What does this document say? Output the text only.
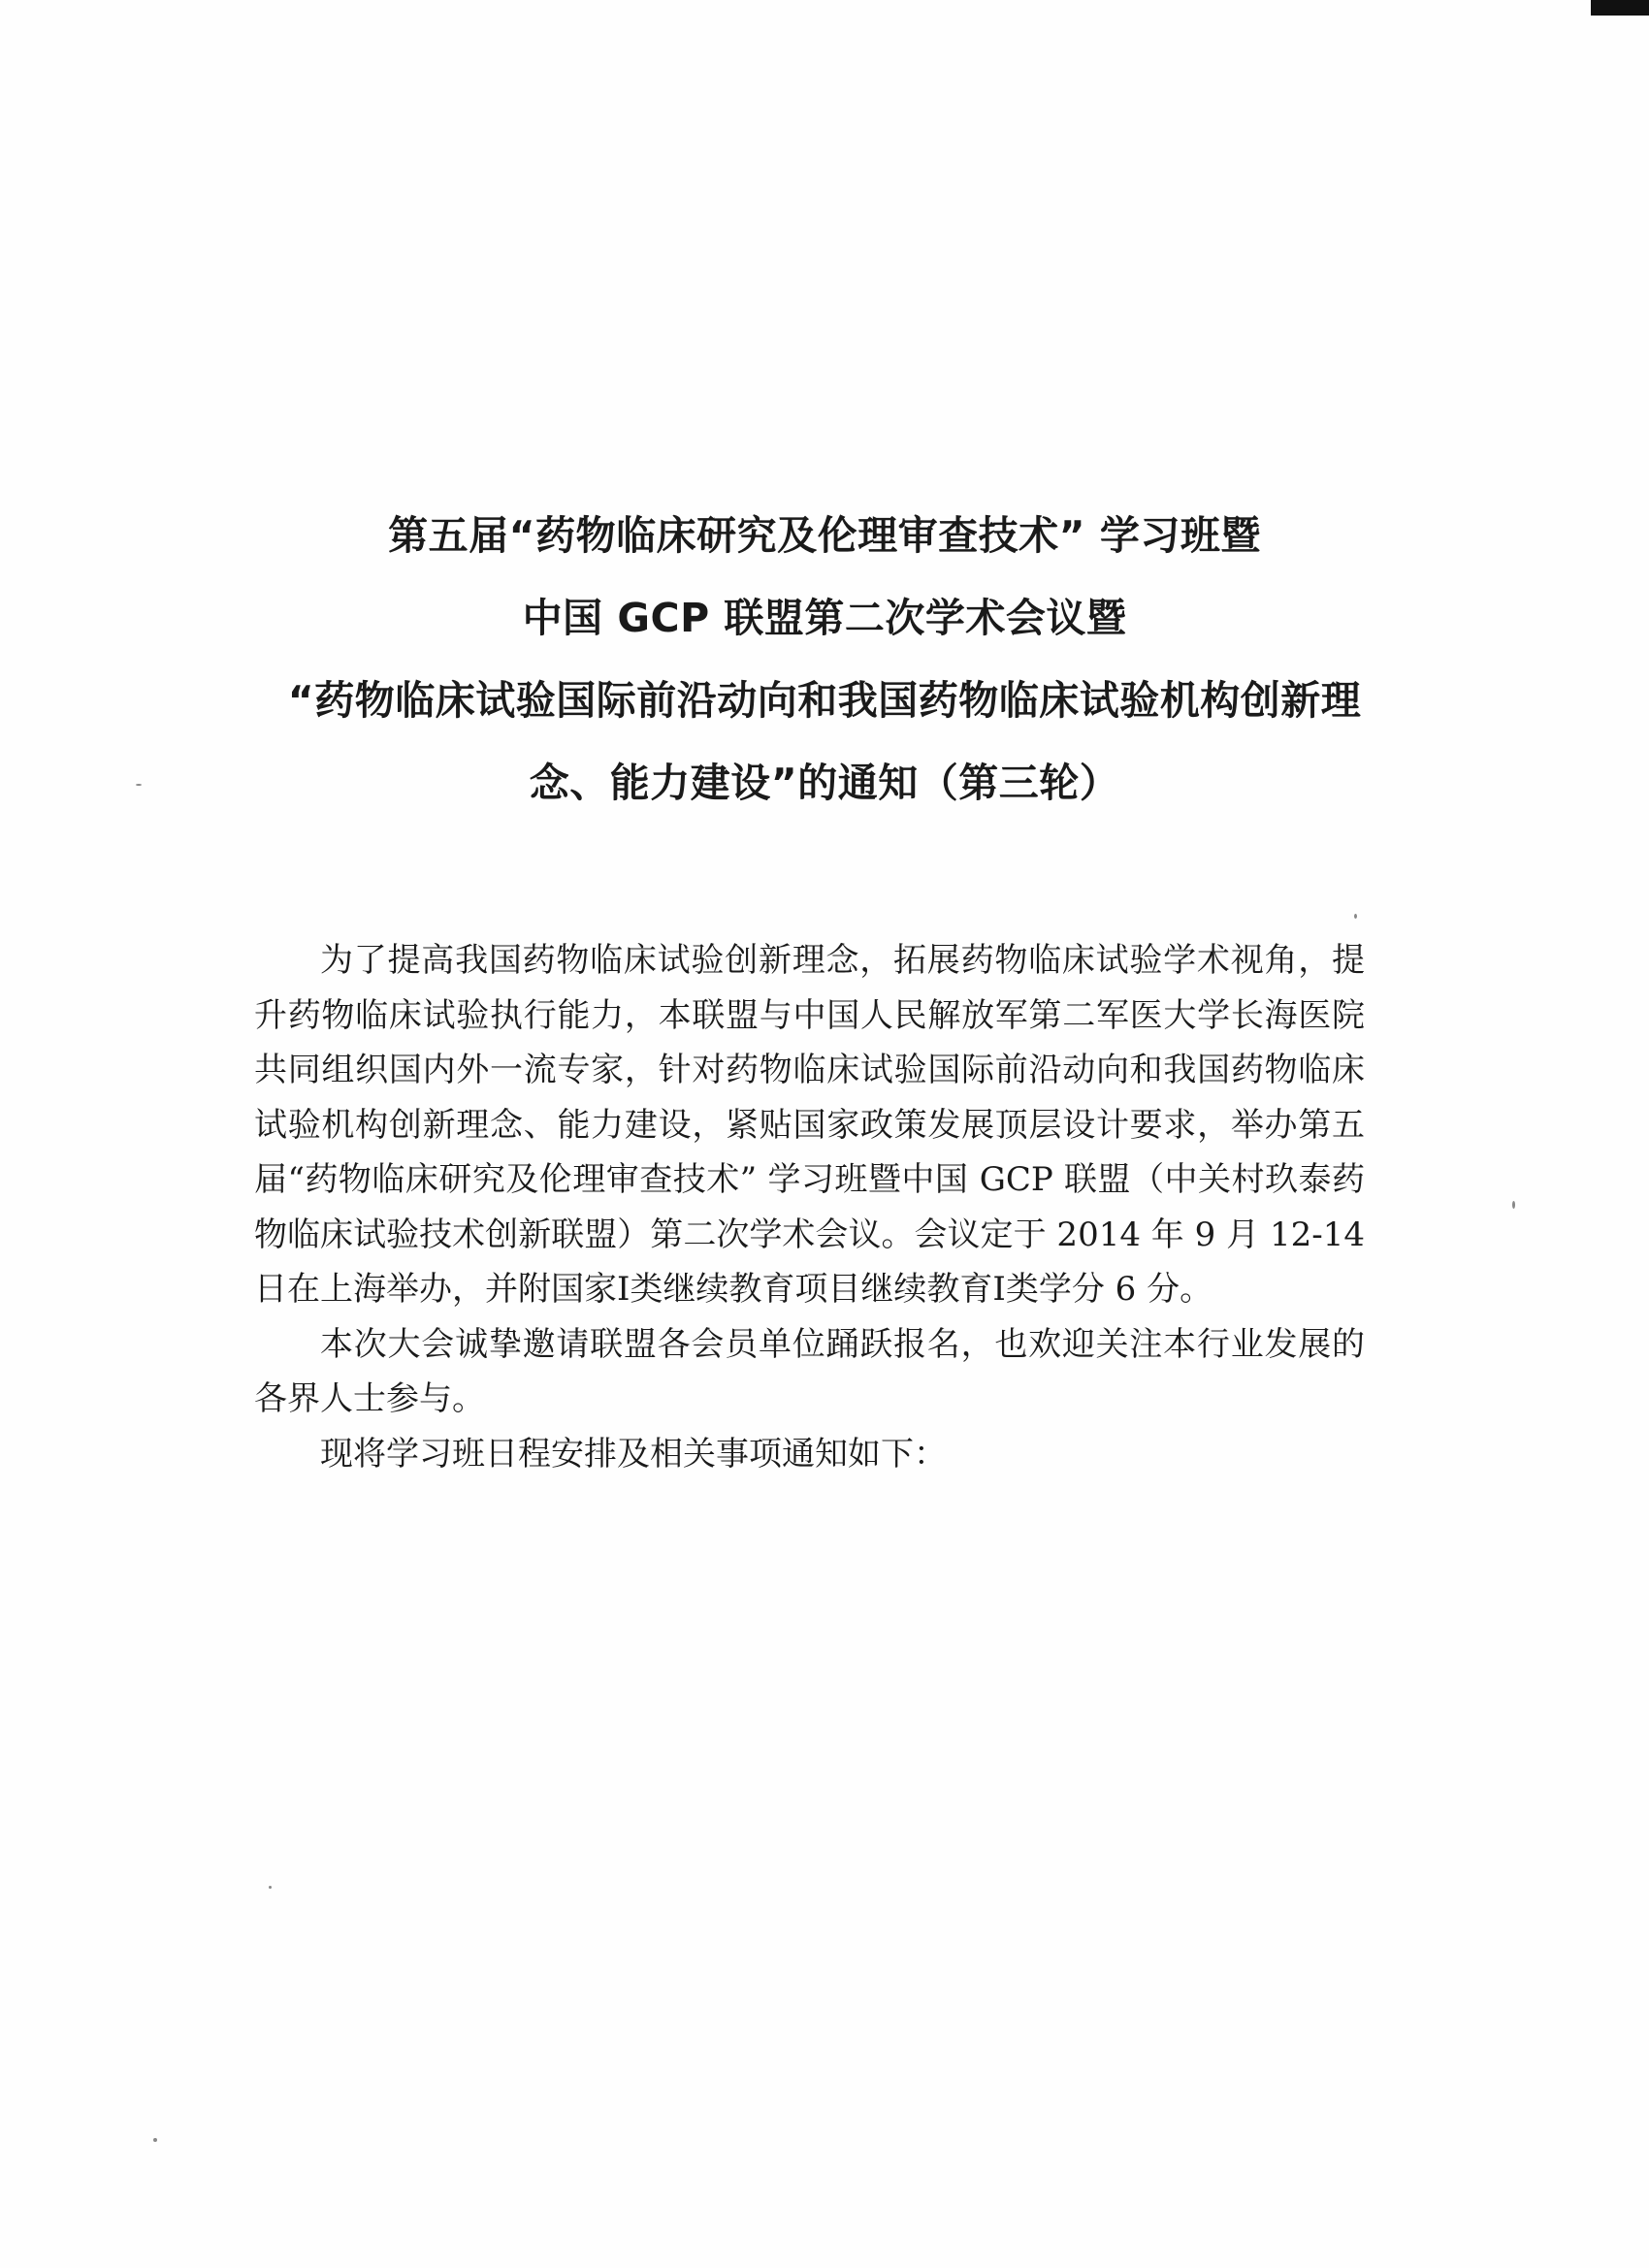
第五届“药物临床研究及伦理审查技术” 学习班暨
中国 GCP 联盟第二次学术会议暨
“药物临床试验国际前沿动向和我国药物临床试验机构创新理
念、能力建设”的通知（第三轮）

为了提高我国药物临床试验创新理念，拓展药物临床试验学术视角，提升药物临床试验执行能力，本联盟与中国人民解放军第二军医大学长海医院共同组织国内外一流专家，针对药物临床试验国际前沿动向和我国药物临床试验机构创新理念、能力建设，紧贴国家政策发展顶层设计要求，举办第五届“药物临床研究及伦理审查技术” 学习班暨中国 GCP 联盟（中关村玖泰药物临床试验技术创新联盟）第二次学术会议。会议定于 2014 年 9 月 12-14 日在上海举办，并附国家Ⅰ类继续教育项目继续教育Ⅰ类学分 6 分。

本次大会诚挚邀请联盟各会员单位踊跃报名，也欢迎关注本行业发展的各界人士参与。

现将学习班日程安排及相关事项通知如下：
